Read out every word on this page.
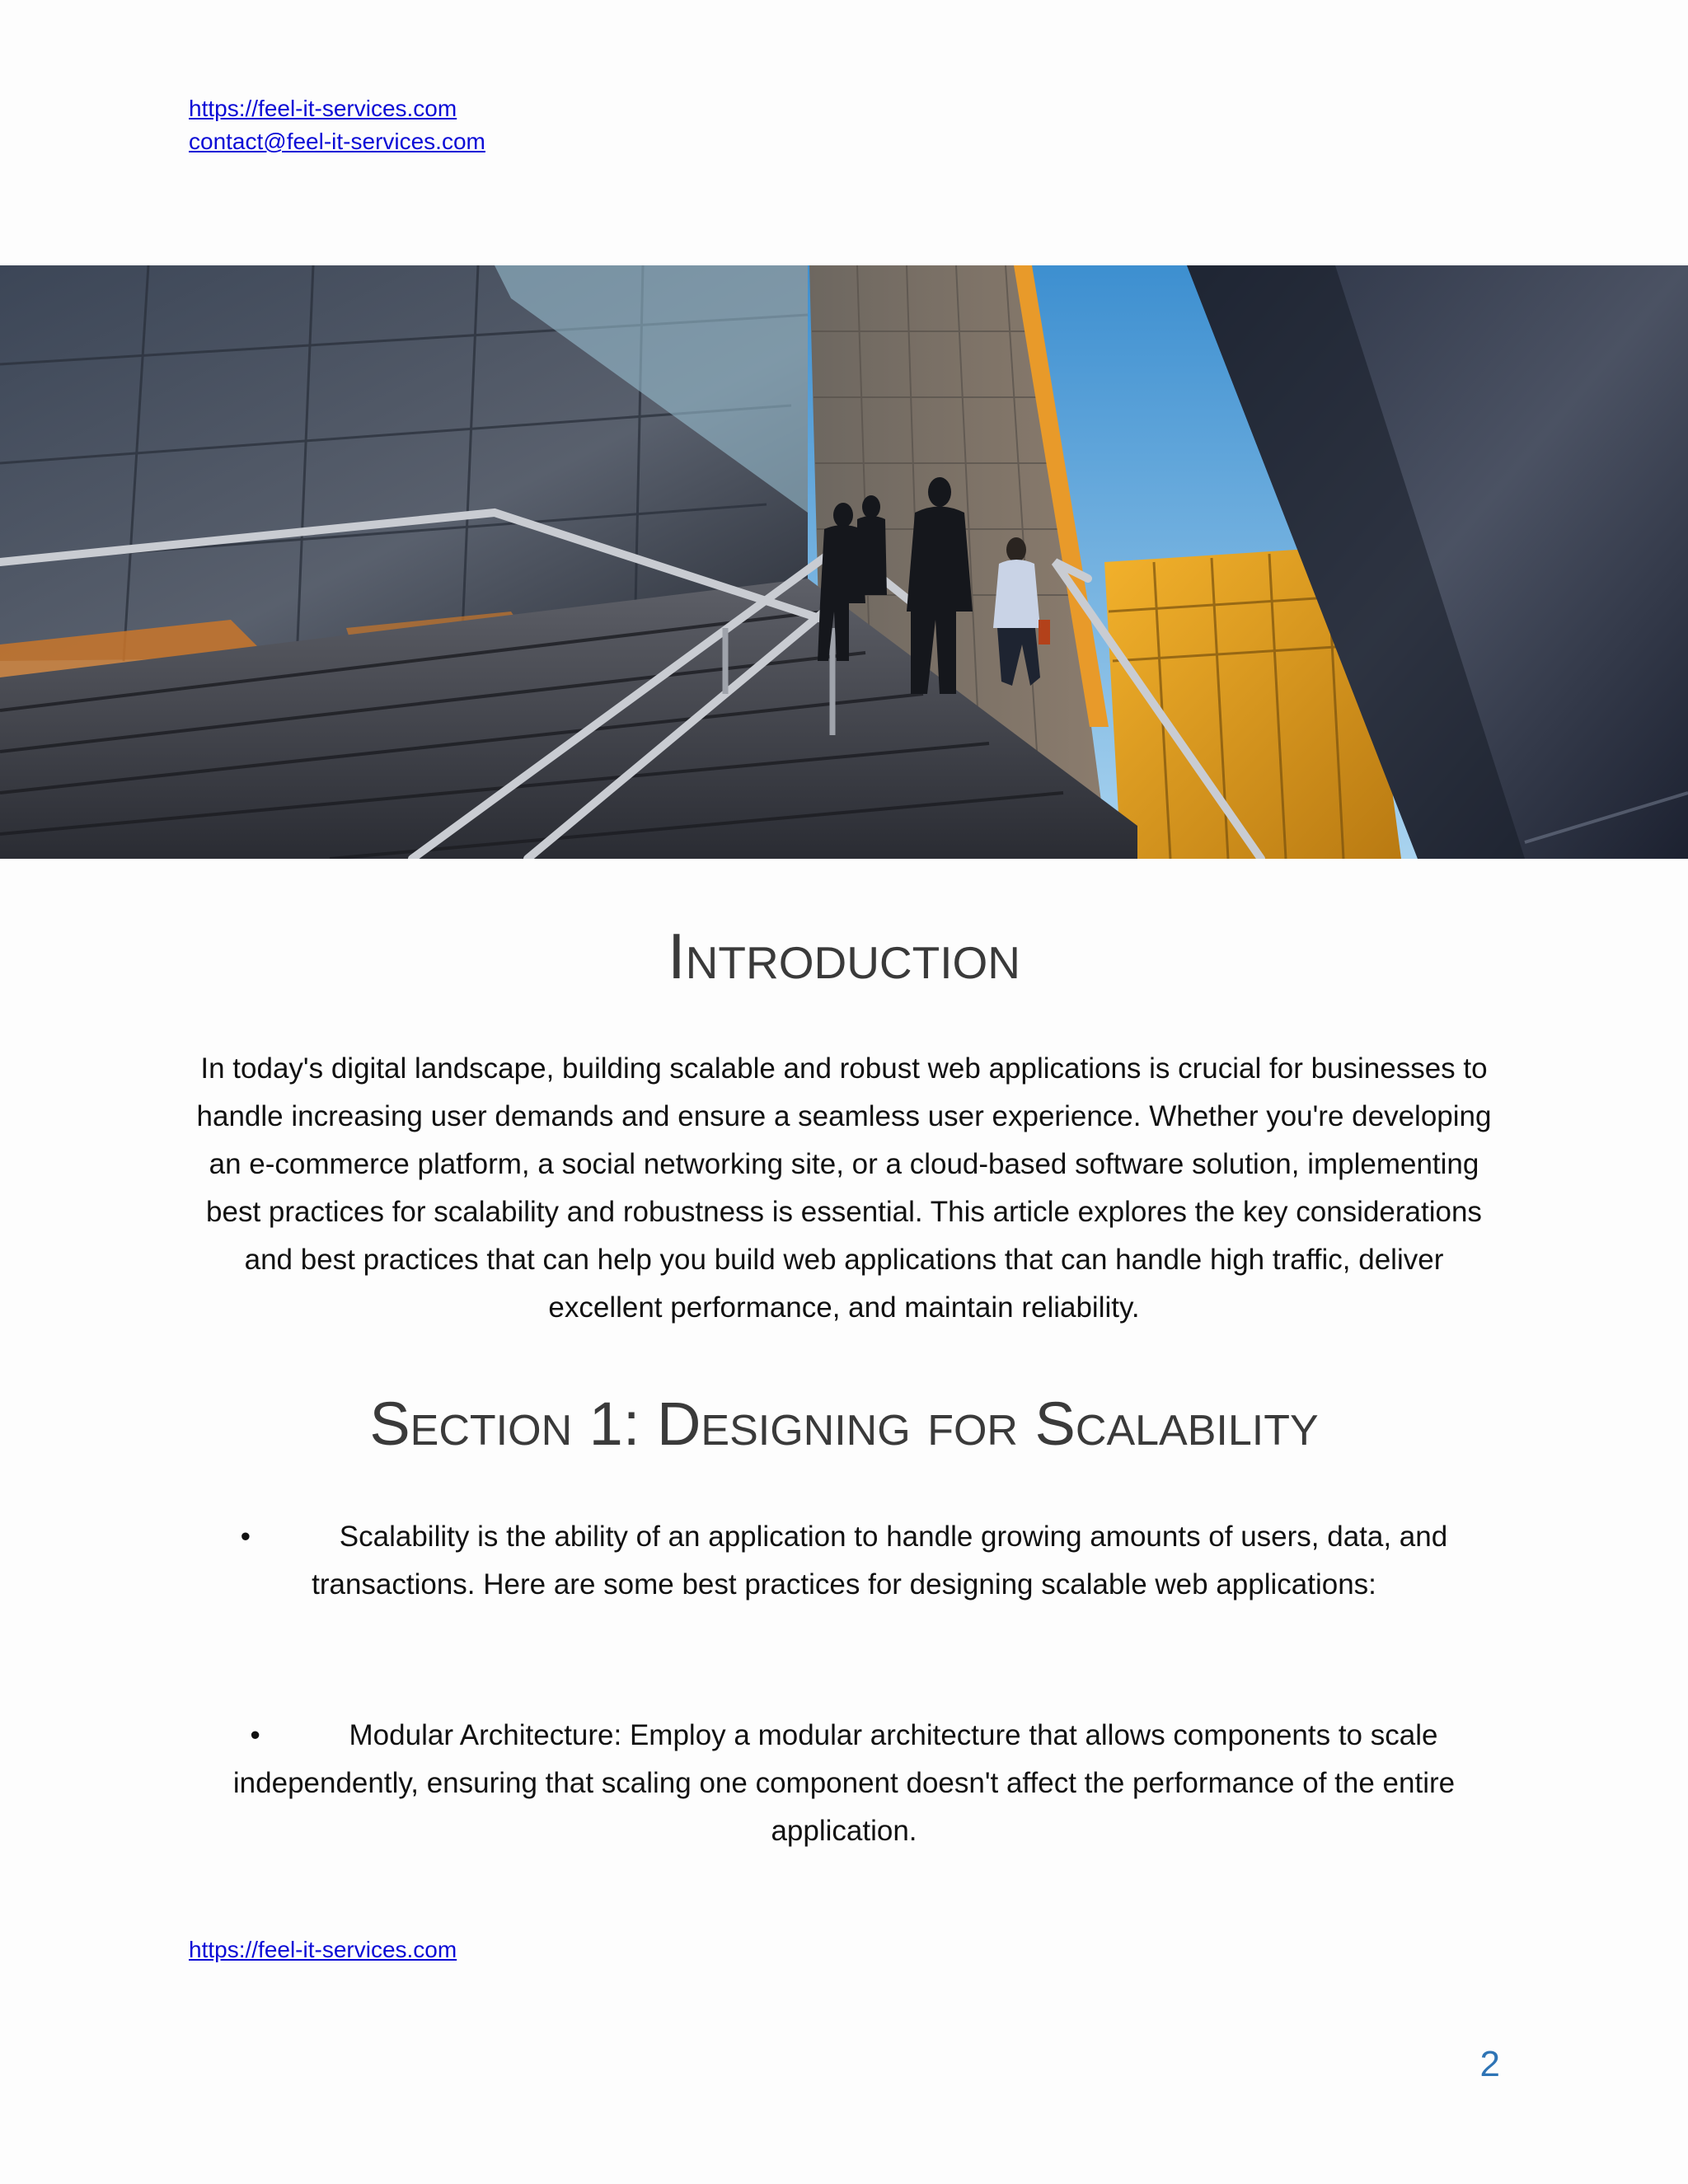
https://feel-it-services.com
contact@feel-it-services.com
Introduction

In today's digital landscape, building scalable and robust web applications is crucial for businesses to handle increasing user demands and ensure a seamless user experience. Whether you're developing an e-commerce platform, a social networking site, or a cloud-based software solution, implementing best practices for scalability and robustness is essential. This article explores the key considerations and best practices that can help you build web applications that can handle high traffic, deliver excellent performance, and maintain reliability.

Section 1: Designing for Scalability

•	Scalability is the ability of an application to handle growing amounts of users, data, and transactions. Here are some best practices for designing scalable web applications:

•	Modular Architecture: Employ a modular architecture that allows components to scale independently, ensuring that scaling one component doesn't affect the performance of the entire application.

https://feel-it-services.com
2
